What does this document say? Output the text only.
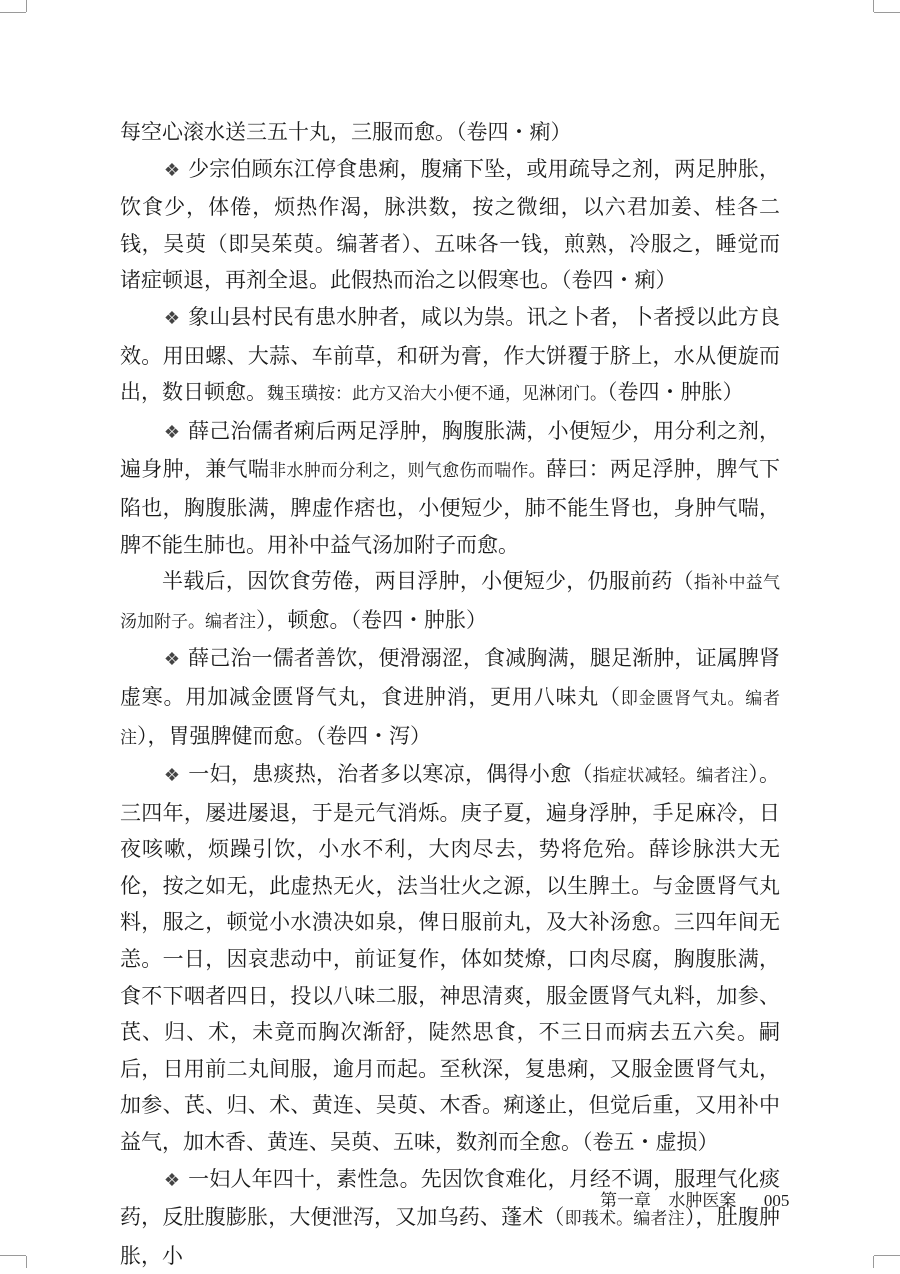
每空心滚水送三五十丸，三服而愈。（卷四・痢）

❖ 少宗伯顾东江停食患痢，腹痛下坠，或用疏导之剂，两足肿胀，饮食少，体倦，烦热作渴，脉洪数，按之微细，以六君加姜、桂各二钱，吴萸（即吴茱萸。编著者）、五味各一钱，煎熟，冷服之，睡觉而诸症顿退，再剂全退。此假热而治之以假寒也。（卷四・痢）

❖ 象山县村民有患水肿者，咸以为祟。讯之卜者，卜者授以此方良效。用田螺、大蒜、车前草，和研为膏，作大饼覆于脐上，水从便旋而出，数日顿愈。魏玉璜按：此方又治大小便不通，见淋闭门。（卷四・肿胀）

❖ 薛己治儒者痢后两足浮肿，胸腹胀满，小便短少，用分利之剂，遍身肿，兼气喘非水肿而分利之，则气愈伤而喘作。薛曰：两足浮肿，脾气下陷也，胸腹胀满，脾虚作痞也，小便短少，肺不能生肾也，身肿气喘，脾不能生肺也。用补中益气汤加附子而愈。

半载后，因饮食劳倦，两目浮肿，小便短少，仍服前药（指补中益气汤加附子。编者注），顿愈。（卷四・肿胀）

❖ 薛己治一儒者善饮，便滑溺涩，食减胸满，腿足渐肿，证属脾肾虚寒。用加减金匮肾气丸，食进肿消，更用八味丸（即金匮肾气丸。编者注），胃强脾健而愈。（卷四・泻）

❖ 一妇，患痰热，治者多以寒凉，偶得小愈（指症状减轻。编者注）。三四年，屡进屡退，于是元气消烁。庚子夏，遍身浮肿，手足麻冷，日夜咳嗽，烦躁引饮，小水不利，大肉尽去，势将危殆。薛诊脉洪大无伦，按之如无，此虚热无火，法当壮火之源，以生脾土。与金匮肾气丸料，服之，顿觉小水溃决如泉，俾日服前丸，及大补汤愈。三四年间无恙。一日，因哀悲动中，前证复作，体如焚燎，口肉尽腐，胸腹胀满，食不下咽者四日，投以八味二服，神思清爽，服金匮肾气丸料，加参、芪、归、术，未竟而胸次渐舒，陡然思食，不三日而病去五六矣。嗣后，日用前二丸间服，逾月而起。至秋深，复患痢，又服金匮肾气丸，加参、芪、归、术、黄连、吴萸、木香。痢遂止，但觉后重，又用补中益气，加木香、黄连、吴萸、五味，数剂而全愈。（卷五・虚损）

❖ 一妇人年四十，素性急。先因饮食难化，月经不调，服理气化痰药，反肚腹膨胀，大便泄泻，又加乌药、蓬术（即莪术。编者注），肚腹肿胀，小

第一章 水肿医案 005
